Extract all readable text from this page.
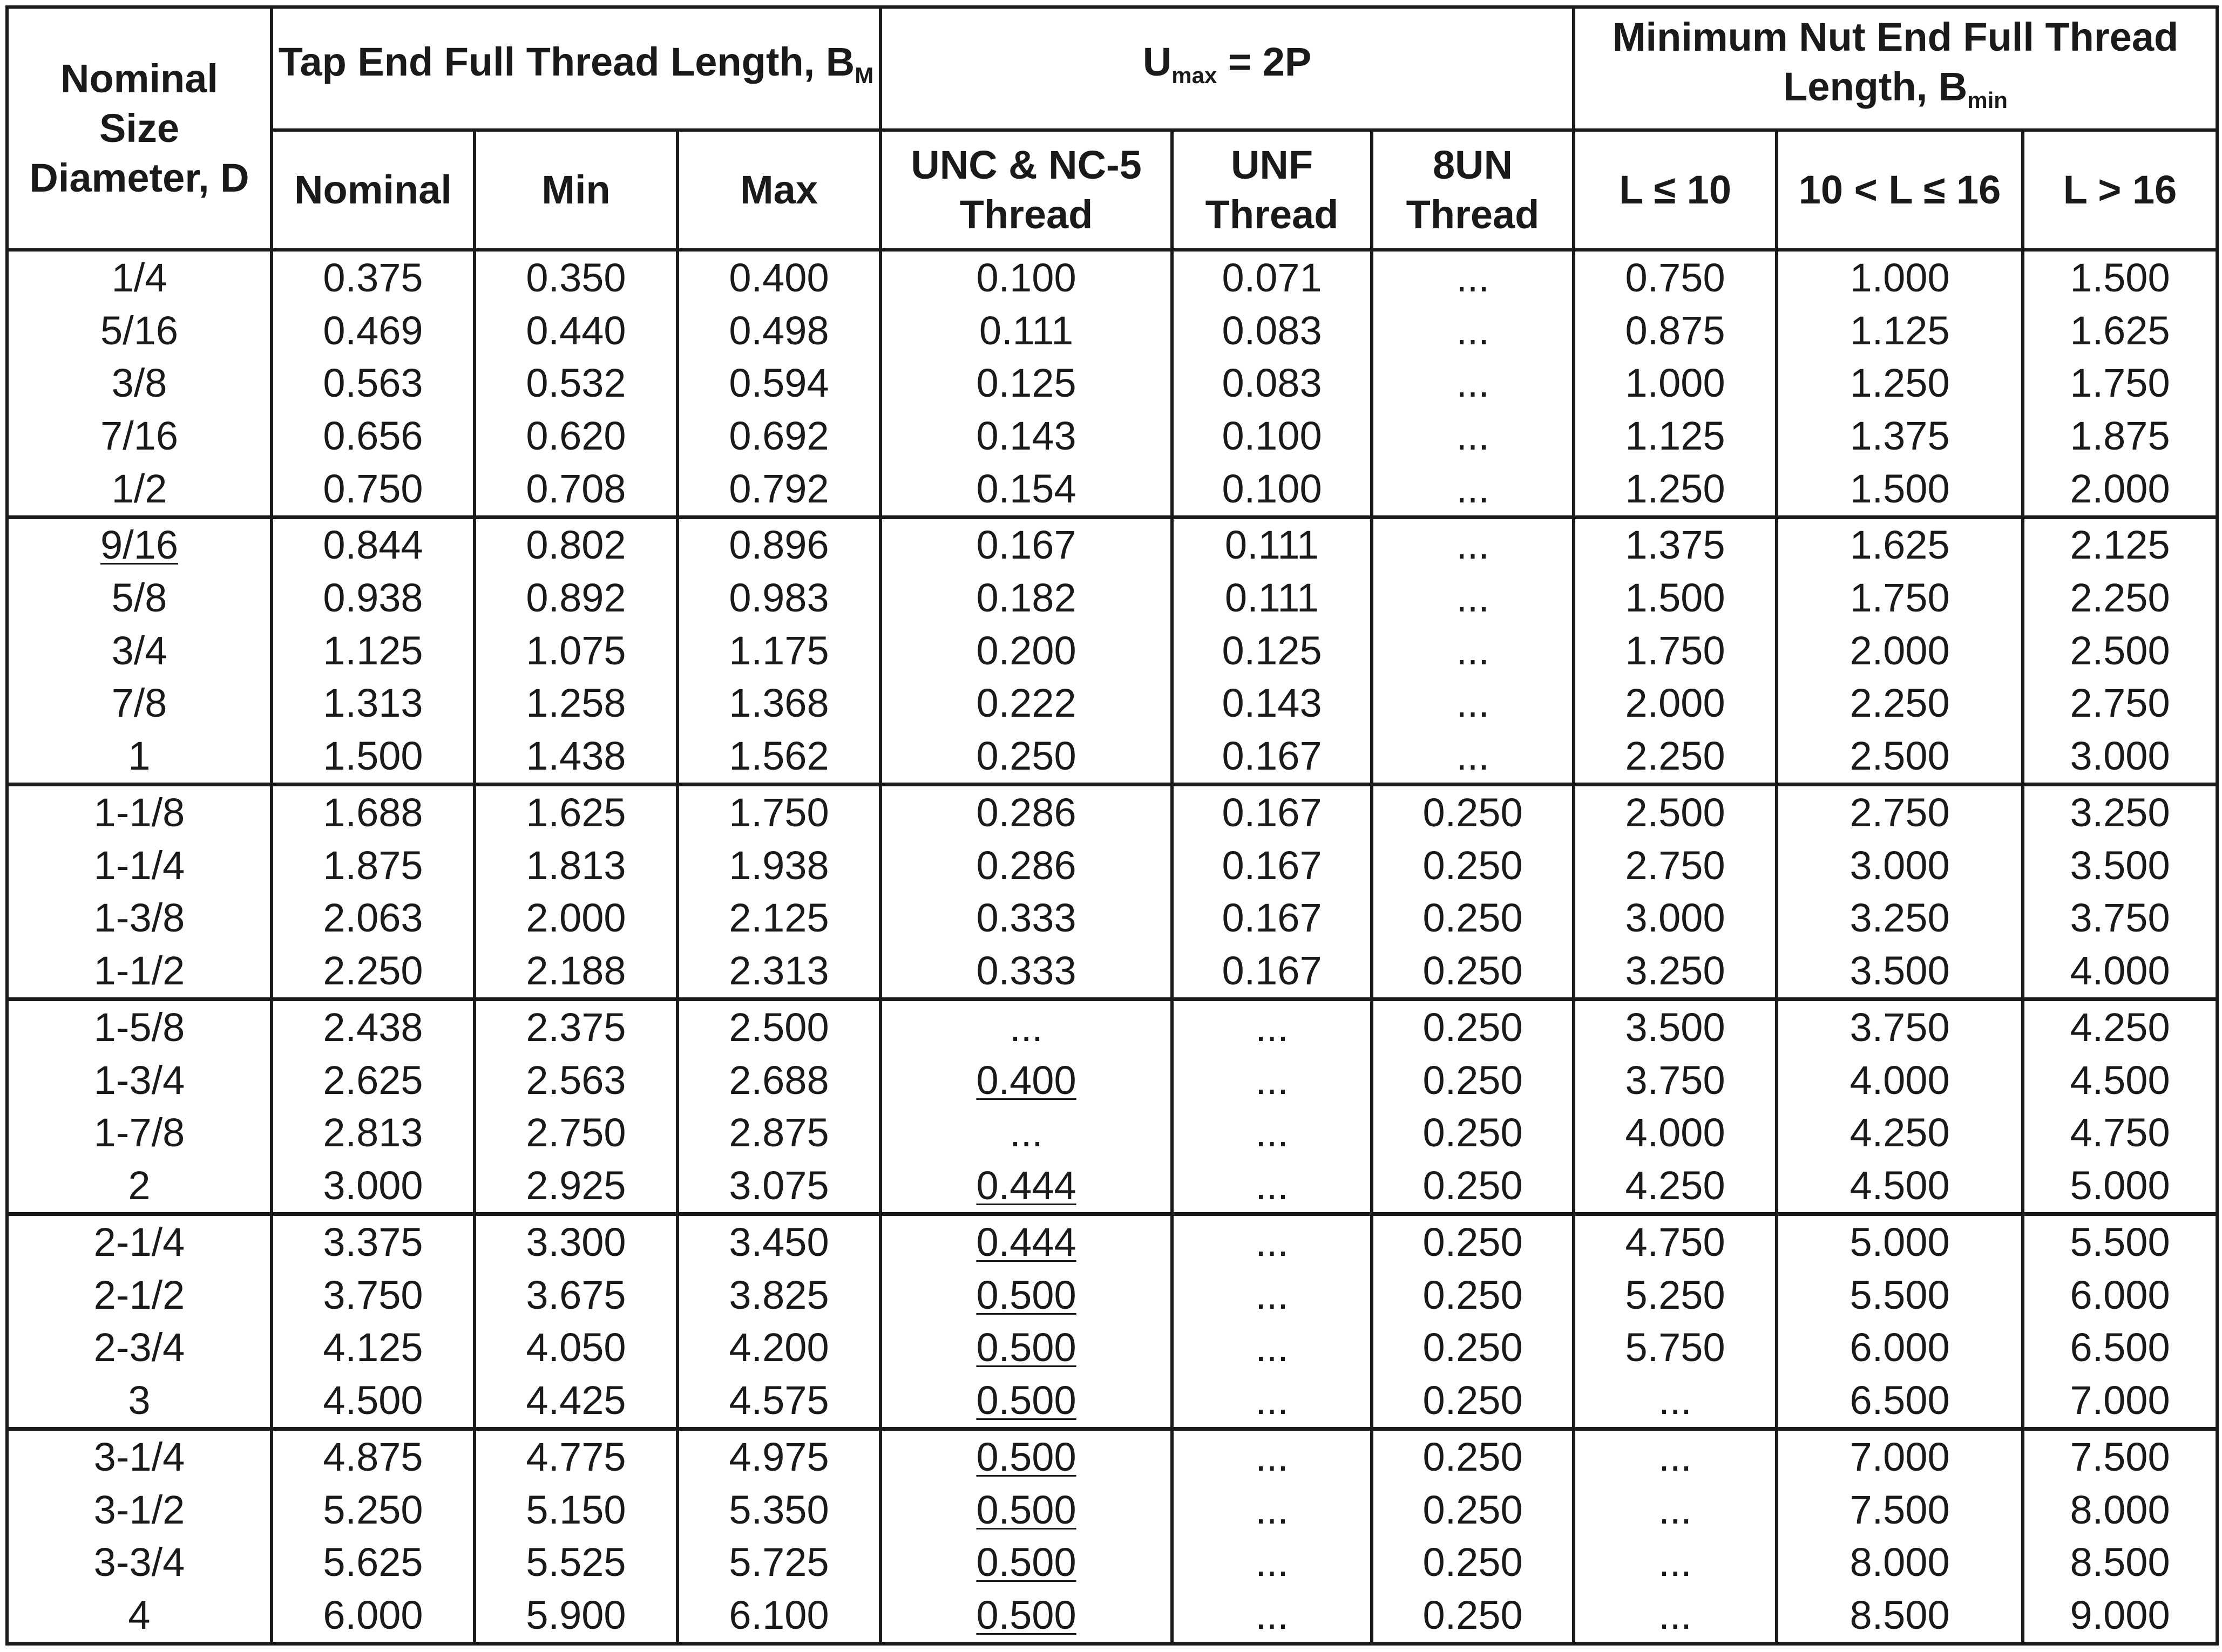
Nominal Size Diameter, D	Tap End Full Thread Length, $B_M$			$U_{max} = 2P$			Minimum Nut End Full Thread Length, $B_{min}$
	Nominal	Min	Max	UNC & NC-5 Thread	UNF Thread	8UN Thread	L ≤ 10	10 < L ≤ 16	L > 16
1/4	0.375	0.350	0.400	0.100	0.071	...	0.750	1.000	1.500
5/16	0.469	0.440	0.498	0.111	0.083	...	0.875	1.125	1.625
3/8	0.563	0.532	0.594	0.125	0.083	...	1.000	1.250	1.750
7/16	0.656	0.620	0.692	0.143	0.100	...	1.125	1.375	1.875
1/2	0.750	0.708	0.792	0.154	0.100	...	1.250	1.500	2.000
9/16	0.844	0.802	0.896	0.167	0.111	...	1.375	1.625	2.125
5/8	0.938	0.892	0.983	0.182	0.111	...	1.500	1.750	2.250
3/4	1.125	1.075	1.175	0.200	0.125	...	1.750	2.000	2.500
7/8	1.313	1.258	1.368	0.222	0.143	...	2.000	2.250	2.750
1	1.500	1.438	1.562	0.250	0.167	...	2.250	2.500	3.000
1-1/8	1.688	1.625	1.750	0.286	0.167	0.250	2.500	2.750	3.250
1-1/4	1.875	1.813	1.938	0.286	0.167	0.250	2.750	3.000	3.500
1-3/8	2.063	2.000	2.125	0.333	0.167	0.250	3.000	3.250	3.750
1-1/2	2.250	2.188	2.313	0.333	0.167	0.250	3.250	3.500	4.000
1-5/8	2.438	2.375	2.500	...	...	0.250	3.500	3.750	4.250
1-3/4	2.625	2.563	2.688	0.400	...	0.250	3.750	4.000	4.500
1-7/8	2.813	2.750	2.875	...	...	0.250	4.000	4.250	4.750
2	3.000	2.925	3.075	0.444	...	0.250	4.250	4.500	5.000
2-1/4	3.375	3.300	3.450	0.444	...	0.250	4.750	5.000	5.500
2-1/2	3.750	3.675	3.825	0.500	...	0.250	5.250	5.500	6.000
2-3/4	4.125	4.050	4.200	0.500	...	0.250	5.750	6.000	6.500
3	4.500	4.425	4.575	0.500	...	0.250	...	6.500	7.000
3-1/4	4.875	4.775	4.975	0.500	...	0.250	...	7.000	7.500
3-1/2	5.250	5.150	5.350	0.500	...	0.250	...	7.500	8.000
3-3/4	5.625	5.525	5.725	0.500	...	0.250	...	8.000	8.500
4	6.000	5.900	6.100	0.500	...	0.250	...	8.500	9.000
